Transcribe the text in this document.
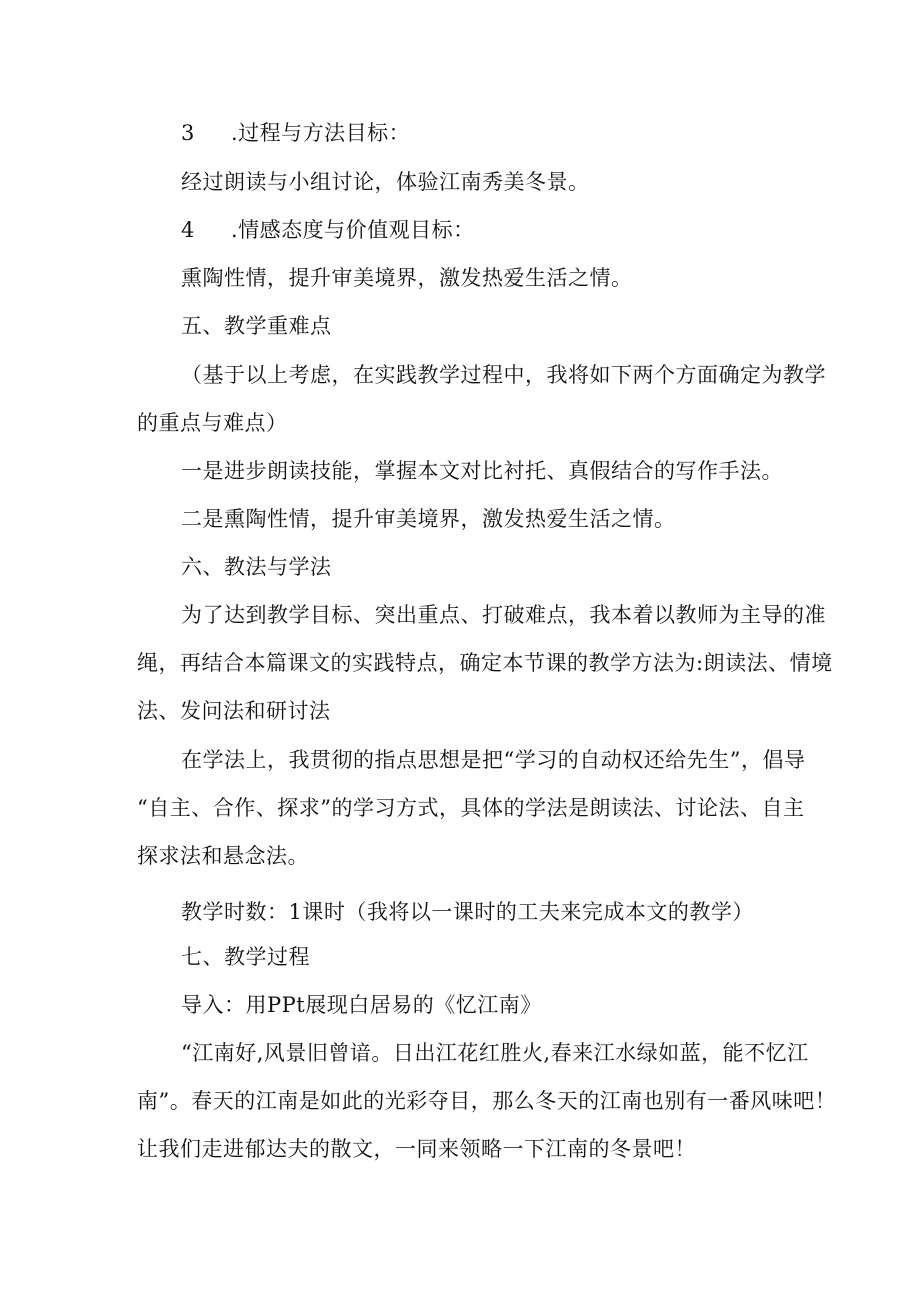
3 .过程与方法目标：
经过朗读与小组讨论，体验江南秀美冬景。
4 .情感态度与价值观目标：
熏陶性情，提升审美境界，激发热爱生活之情。
五、教学重难点
（基于以上考虑，在实践教学过程中，我将如下两个方面确定为教学
的重点与难点）
一是进步朗读技能，掌握本文对比衬托、真假结合的写作手法。
二是熏陶性情，提升审美境界，激发热爱生活之情。
六、教法与学法
为了达到教学目标、突出重点、打破难点，我本着以教师为主导的准
绳，再结合本篇课文的实践特点，确定本节课的教学方法为:朗读法、情境
法、发问法和研讨法
在学法上，我贯彻的指点思想是把“学习的自动权还给先生”，倡导
“自主、合作、探求”的学习方式，具体的学法是朗读法、讨论法、自主
探求法和悬念法。
教学时数：1课时（我将以一课时的工夫来完成本文的教学）
七、教学过程
导入：用PPt展现白居易的《忆江南》
“江南好,风景旧曾谙。日出江花红胜火,春来江水绿如蓝，能不忆江
南”。春天的江南是如此的光彩夺目，那么冬天的江南也别有一番风味吧！
让我们走进郁达夫的散文，一同来领略一下江南的冬景吧！
